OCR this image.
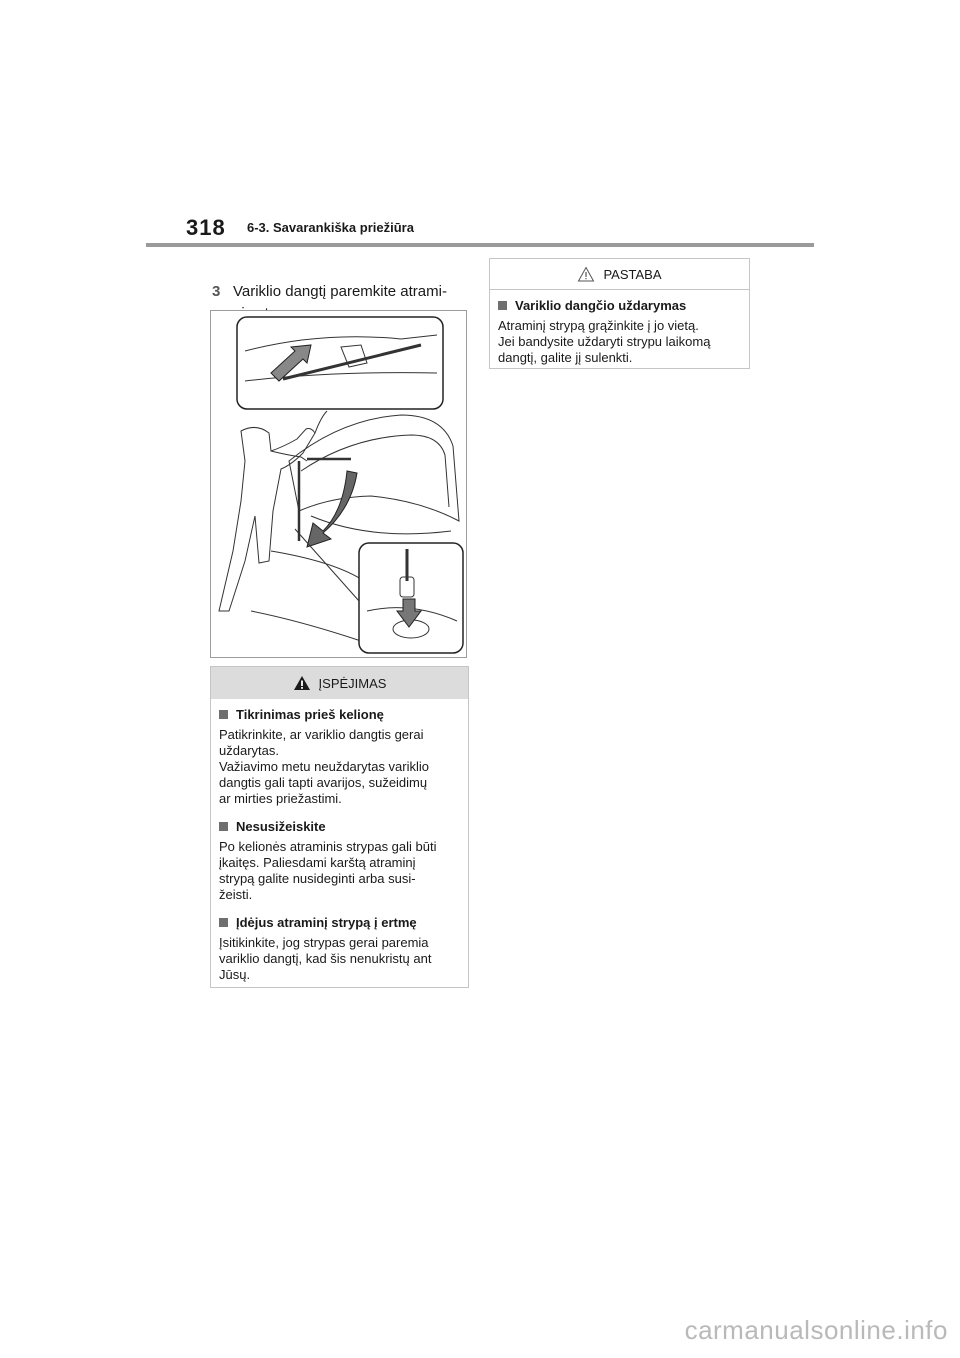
318 6-3. Savarankiška priežiūra
3 Variklio dangtį paremkite atrami-

ĮSPĖJIMAS
Tikrinimas prieš kelionę
Patikrinkite, ar variklio dangtis gerai
uždarytas.
Važiavimo metu neuždarytas variklio
dangtis gali tapti avarijos, sužeidimų
ar mirties priežastimi.
Nesusižeiskite
Po kelionės atraminis strypas gali būti
įkaitęs. Paliesdami karštą atraminį
strypą galite nusideginti arba susi-
žeisti.
Įdėjus atraminį strypą į ertmę
Įsitikinkite, jog strypas gerai paremia
variklio dangtį, kad šis nenukristų ant
Jūsų.
PASTABA
Variklio dangčio uždarymas
Atraminį strypą grąžinkite į jo vietą.
Jei bandysite uždaryti strypu laikomą
dangtį, galite jį sulenkti.
carmanualsonline.info
